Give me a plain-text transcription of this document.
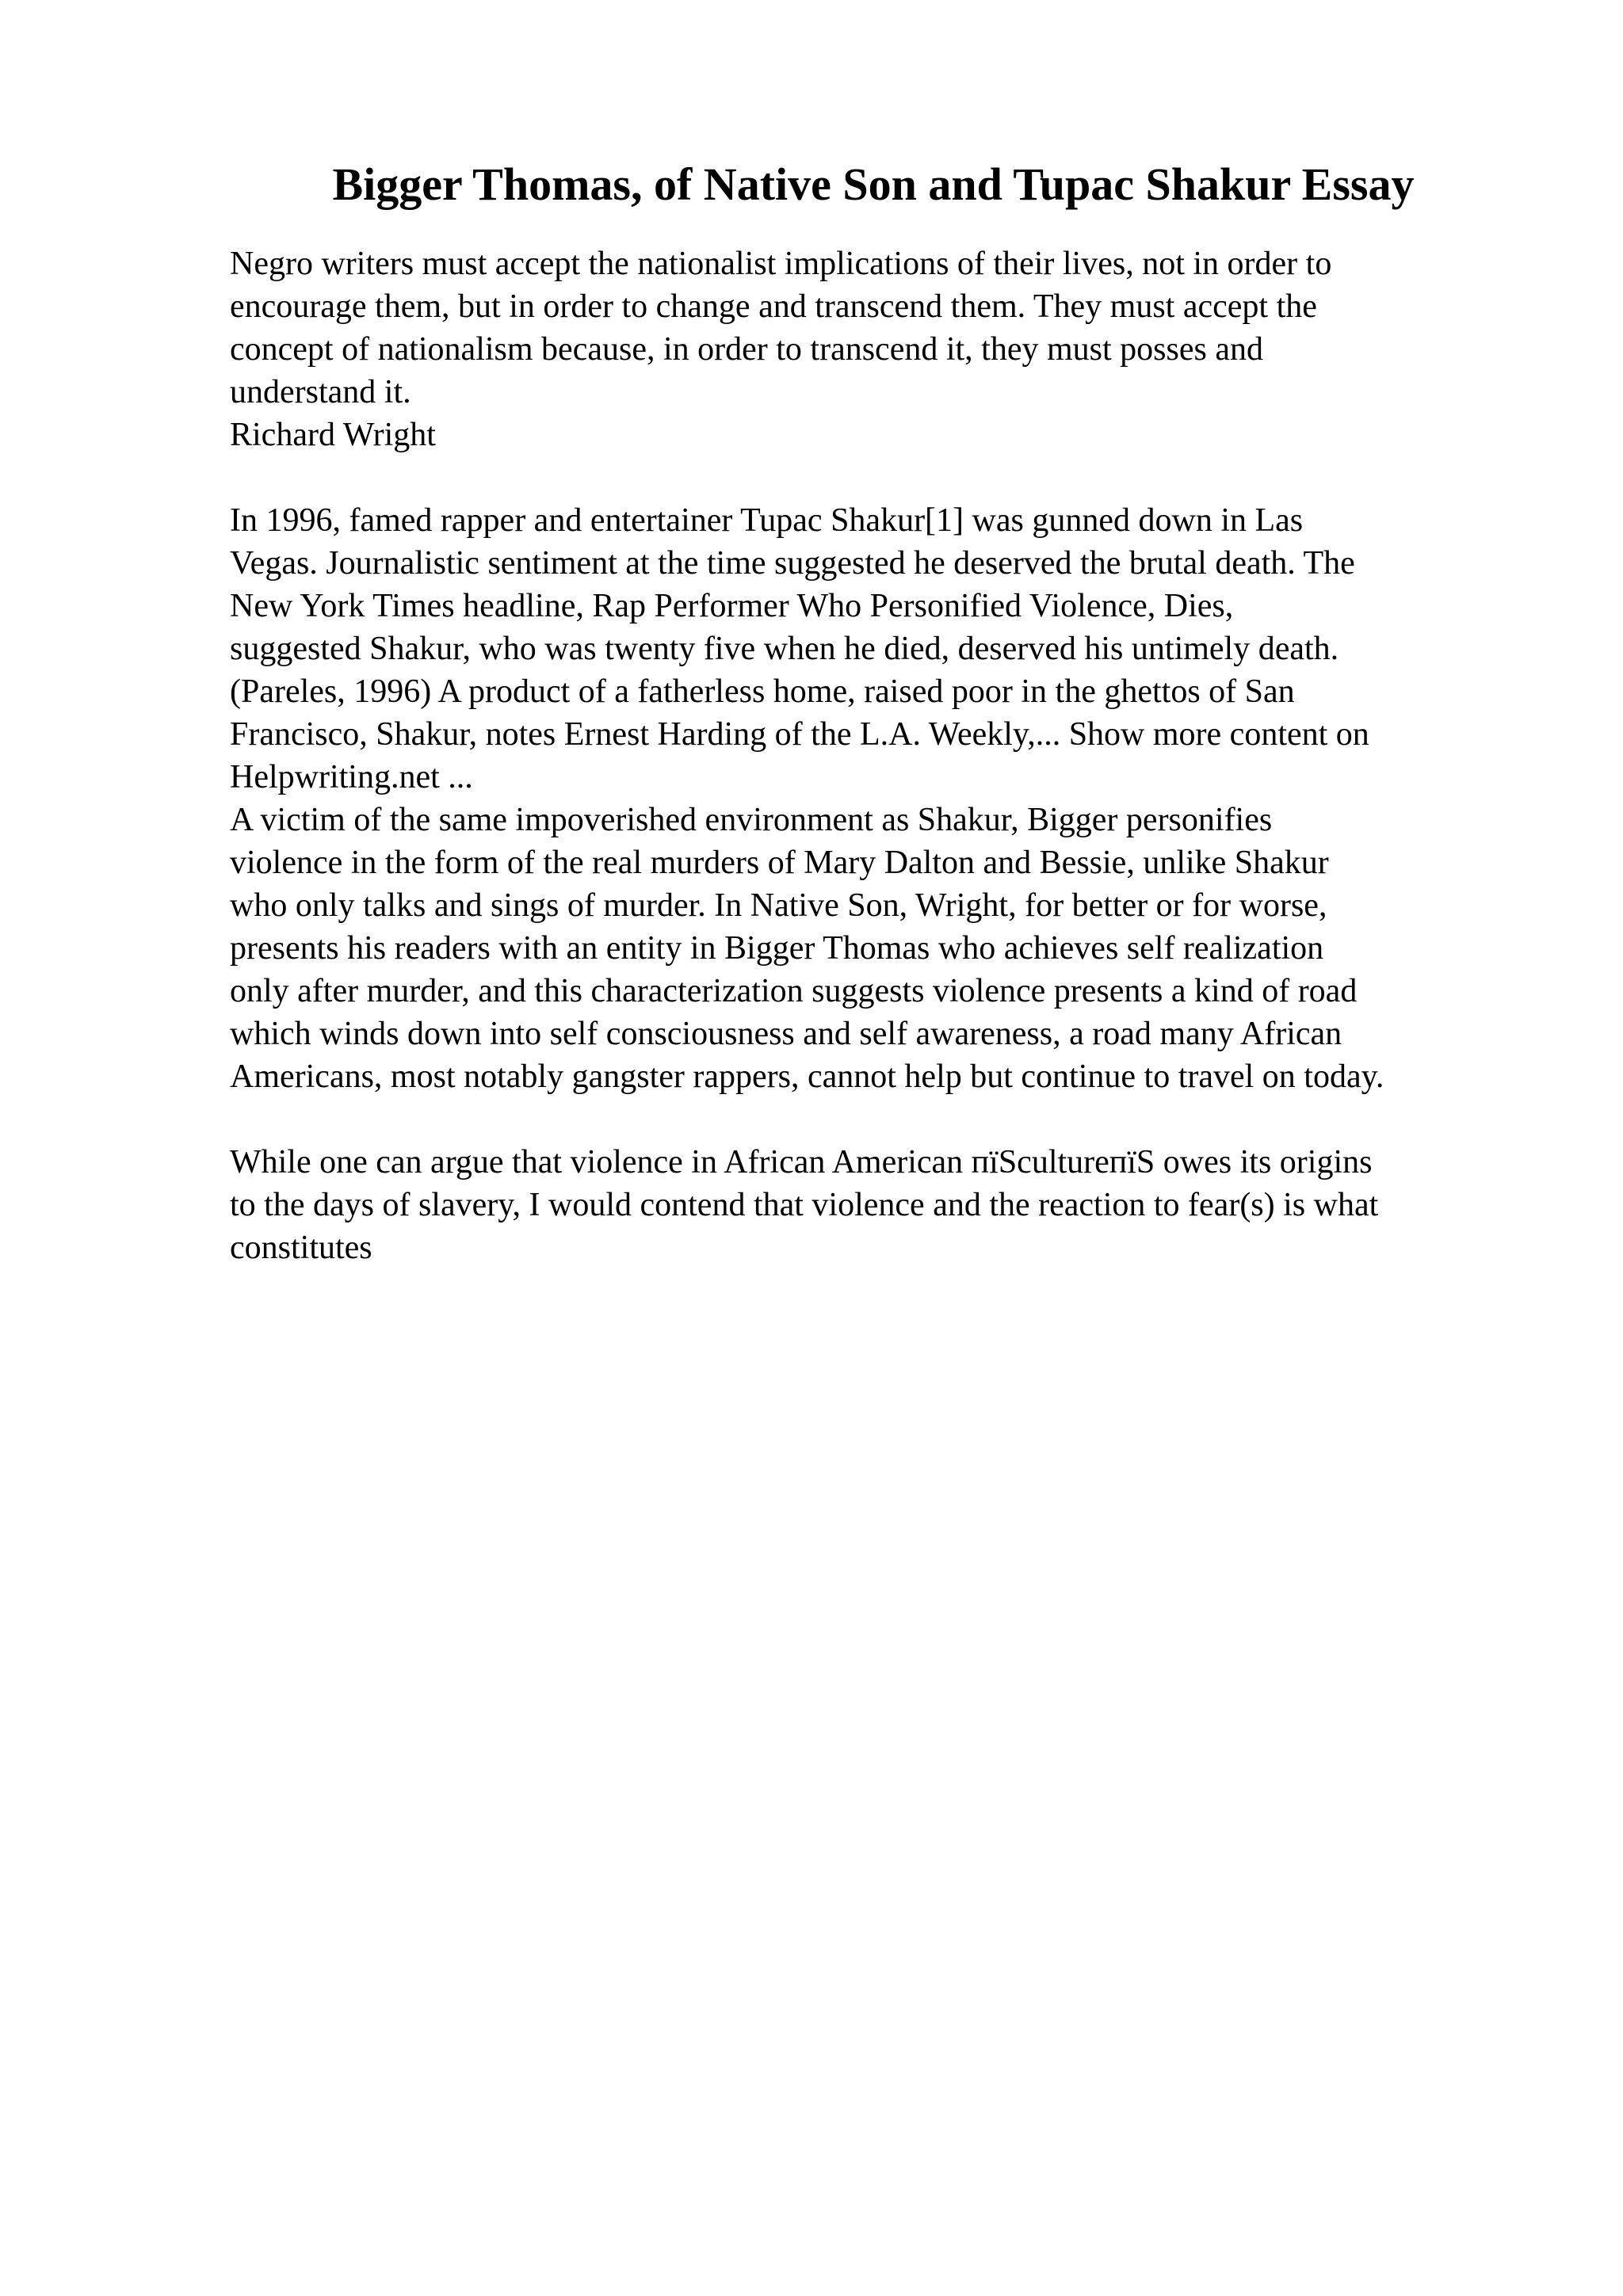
Bigger Thomas, of Native Son and Tupac Shakur Essay

Negro writers must accept the nationalist implications of their lives, not in order to

encourage them, but in order to change and transcend them. They must accept the

concept of nationalism because, in order to transcend it, they must posses and

understand it.

Richard Wright

In 1996, famed rapper and entertainer Tupac Shakur[1] was gunned down in Las

Vegas. Journalistic sentiment at the time suggested he deserved the brutal death. The

New York Times headline, Rap Performer Who Personified Violence, Dies,

suggested Shakur, who was twenty five when he died, deserved his untimely death.

(Pareles, 1996) A product of a fatherless home, raised poor in the ghettos of San

Francisco, Shakur, notes Ernest Harding of the L.A. Weekly,... Show more content on

Helpwriting.net ...

A victim of the same impoverished environment as Shakur, Bigger personifies

violence in the form of the real murders of Mary Dalton and Bessie, unlike Shakur

who only talks and sings of murder. In Native Son, Wright, for better or for worse,

presents his readers with an entity in Bigger Thomas who achieves self realization

only after murder, and this characterization suggests violence presents a kind of road

which winds down into self consciousness and self awareness, a road many African

Americans, most notably gangster rappers, cannot help but continue to travel on today.

While one can argue that violence in African American пїЅcultureпїЅ owes its origins

to the days of slavery, I would contend that violence and the reaction to fear(s) is what

constitutes
